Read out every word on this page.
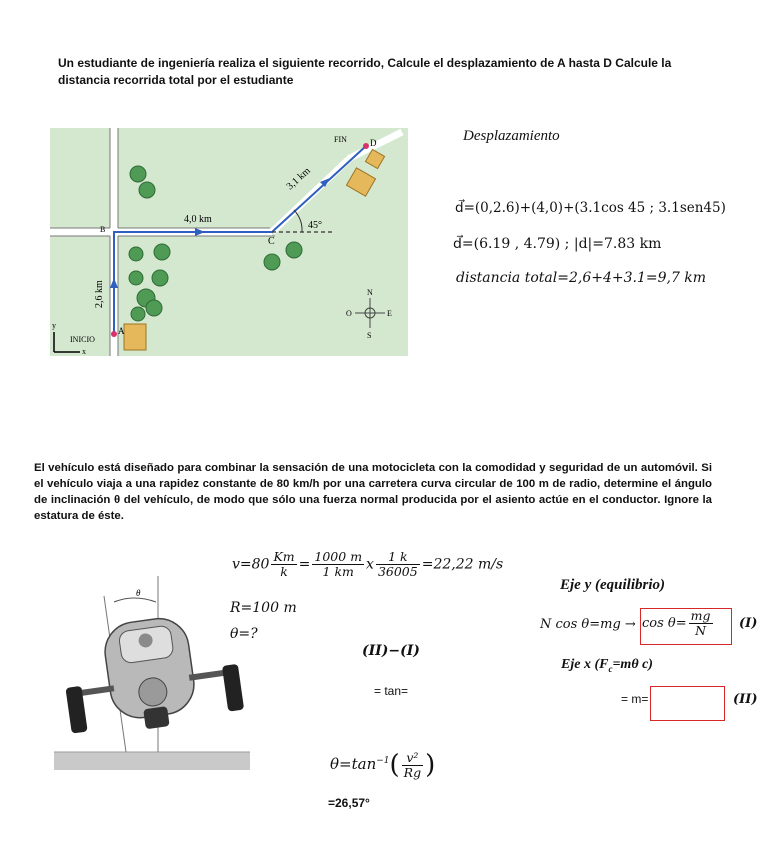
Un estudiante de ingeniería realiza el siguiente recorrido, Calcule el desplazamiento de A hasta D Calcule la distancia recorrida total por el estudiante
FIN	D
3,1 km
45°
4,0 km
B
C
2,6 km
A
INICIO
x
y
N
S
E
O
Desplazamiento
d⃗=(0,2.6)+(4,0)+(3.1cos 45 ; 3.1sen45)
d⃗=(6.19 , 4.79) ; |d|=7.83 km
distancia total=2,6+4+3.1=9,7 km
El vehículo está diseñado para combinar la sensación de una motocicleta con la comodidad y seguridad de un automóvil. Si el vehículo viaja a una rapidez constante de 80 km/h por una carretera curva circular de 100 m de radio, determine el ángulo de inclinación θ del vehículo, de modo que sólo una fuerza normal producida por el asiento actúe en el conductor. Ignore la estatura de éste.
θ
$v=80 \frac{Km}{k} = \frac{1000 m}{1 km}$ x $\frac{1 k}{36005} =22,22$ m/s
R=100 m
θ=?
(II)−(I)
= tan=
$\theta=\tan^{-1}( \frac{\text{v²}}{Rg}$ )
=26,57°
Eje y (equilibrio)
N $\cos \theta=mg \to \cos \theta= \frac{mg}{N} (I)$
Eje x ($F_c=m\theta$ c)
= m=	(II)
